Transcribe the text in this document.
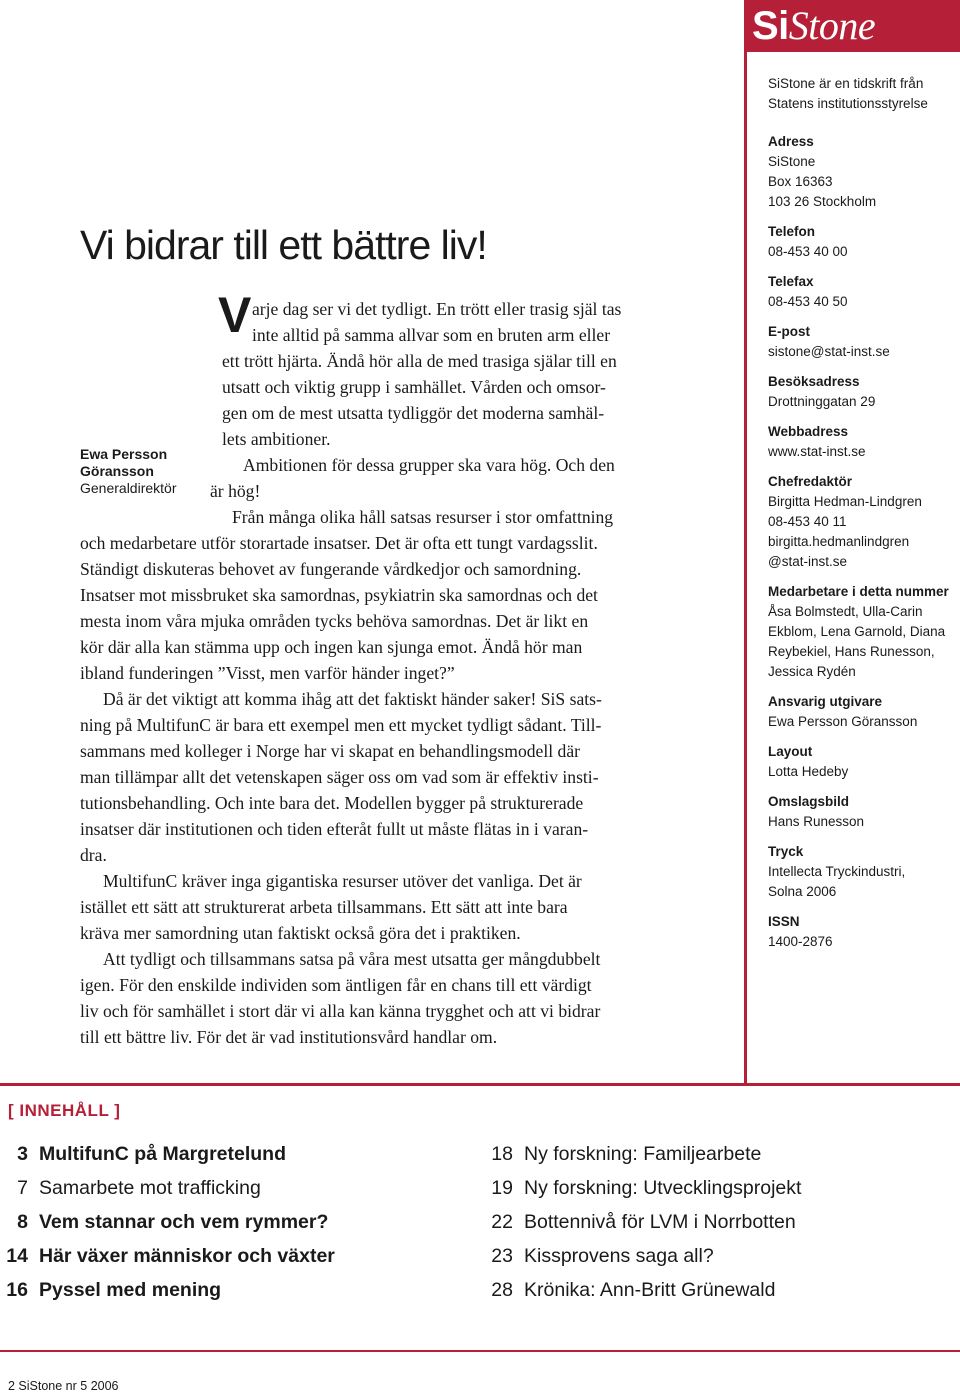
SiStone
SiStone är en tidskrift från Statens institutionsstyrelse
Adress
SiStone
Box 16363
103 26 Stockholm
Telefon
08-453 40 00
Telefax
08-453 40 50
E-post
sistone@stat-inst.se
Besöksadress
Drottninggatan 29
Webbadress
www.stat-inst.se
Chefredaktör
Birgitta Hedman-Lindgren
08-453 40 11
birgitta.hedmanlindgren
@stat-inst.se
Medarbetare i detta nummer
Åsa Bolmstedt, Ulla-Carin
Ekblom, Lena Garnold, Diana
Reybekiel, Hans Runesson,
Jessica Rydén
Ansvarig utgivare
Ewa Persson Göransson
Layout
Lotta Hedeby
Omslagsbild
Hans Runesson
Tryck
Intellecta Tryckindustri,
Solna 2006
ISSN
1400-2876
Vi bidrar till ett bättre liv!
Ewa Persson
Göransson
Generaldirektör
V arje dag ser vi det tydligt. En trött eller trasig själ tas
inte alltid på samma allvar som en bruten arm eller
ett trött hjärta. Ändå hör alla de med trasiga själar till en
utsatt och viktig grupp i samhället. Vården och omsor-
gen om de mest utsatta tydliggör det moderna samhäl-
lets ambitioner.
Ambitionen för dessa grupper ska vara hög. Och den
är hög!
Från många olika håll satsas resurser i stor omfattning
och medarbetare utför storartade insatser. Det är ofta ett tungt vardagsslit.
Ständigt diskuteras behovet av fungerande vårdkedjor och samordning.
Insatser mot missbruket ska samordnas, psykiatrin ska samordnas och det
mesta inom våra mjuka områden tycks behöva samordnas. Det är likt en
kör där alla kan stämma upp och ingen kan sjunga emot. Ändå hör man
ibland funderingen ”Visst, men varför händer inget?”
Då är det viktigt att komma ihåg att det faktiskt händer saker! SiS sats-
ning på MultifunC är bara ett exempel men ett mycket tydligt sådant. Till-
sammans med kolleger i Norge har vi skapat en behandlingsmodell där
man tillämpar allt det vetenskapen säger oss om vad som är effektiv insti-
tutionsbehandling. Och inte bara det. Modellen bygger på strukturerade
insatser där institutionen och tiden efteråt fullt ut måste flätas in i varan-
dra.
MultifunC kräver inga gigantiska resurser utöver det vanliga. Det är
istället ett sätt att strukturerat arbeta tillsammans. Ett sätt att inte bara
kräva mer samordning utan faktiskt också göra det i praktiken.
Att tydligt och tillsammans satsa på våra mest utsatta ger mångdubbelt
igen. För den enskilde individen som äntligen får en chans till ett värdigt
liv och för samhället i stort där vi alla kan känna trygghet och att vi bidrar
till ett bättre liv. För det är vad institutionsvård handlar om.
[ INNEHÅLL ]
3 MultifunC på Margretelund
7 Samarbete mot trafficking
8 Vem stannar och vem rymmer?
14 Här växer människor och växter
16 Pyssel med mening
18 Ny forskning: Familjearbete
19 Ny forskning: Utvecklingsprojekt
22 Bottennivå för LVM i Norrbotten
23 Kissprovens saga all?
28 Krönika: Ann-Britt Grünewald
2 SiStone nr 5 2006
